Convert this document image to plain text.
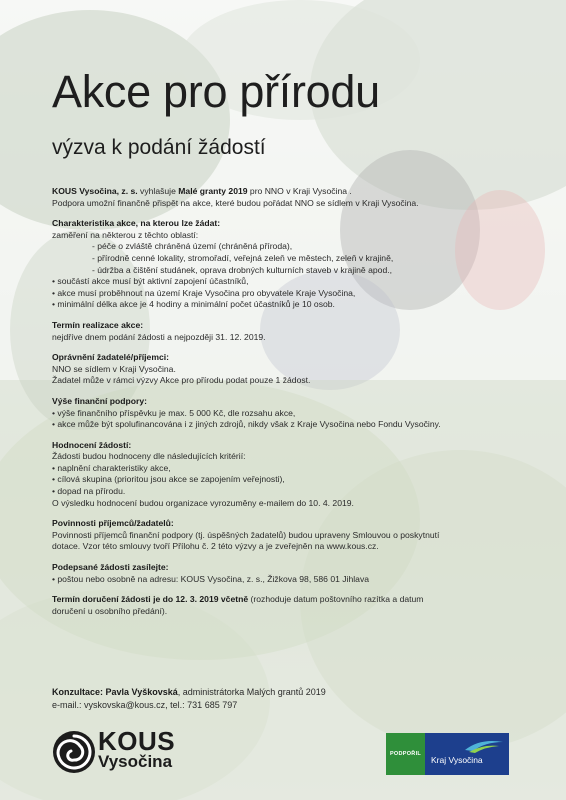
Akce pro přírodu
výzva k podání žádostí

KOUS Vysočina, z. s. vyhlašuje Malé granty 2019 pro NNO v Kraji Vysočina .

Podpora umožní finančně přispět na akce, které budou pořádat NNO se sídlem v Kraji Vysočina.

Charakteristika akce, na kterou lze žádat:

zaměření na některou z těchto oblastí:

- péče o zvláště chráněná území (chráněná příroda),

- přírodně cenné lokality, stromořadí, veřejná zeleň ve městech, zeleň v krajině,

- údržba a čištění studánek, oprava drobných kulturních staveb v krajině apod.,

• součástí akce musí být aktivní zapojení účastníků,

• akce musí proběhnout na území Kraje Vysočina pro obyvatele Kraje Vysočina,

• minimální délka akce je 4 hodiny a minimální počet účastníků je 10 osob.

Termín realizace akce:

nejdříve dnem podání žádosti a nejpozději 31. 12. 2019.

Oprávnění žadatelé/příjemci:

NNO se sídlem v Kraji Vysočina.

Žadatel může v rámci výzvy Akce pro přírodu podat pouze 1 žádost.

Výše finanční podpory:

• výše finančního příspěvku je max. 5 000 Kč, dle rozsahu akce,

• akce může být spolufinancována i z jiných zdrojů, nikdy však z Kraje Vysočina nebo Fondu Vysočiny.

Hodnocení žádostí:

Žádosti budou hodnoceny dle následujících kritérií:

• naplnění charakteristiky akce,

• cílová skupina (prioritou jsou akce se zapojením veřejnosti),

• dopad na přírodu.

O výsledku hodnocení budou organizace vyrozuměny e-mailem do 10. 4. 2019.

Povinnosti příjemců/žadatelů:

Povinnosti příjemců finanční podpory (tj. úspěšných žadatelů) budou upraveny Smlouvou o poskytnutí

dotace. Vzor této smlouvy tvoří Přílohu č. 2 této výzvy a je zveřejněn na www.kous.cz.

Podepsané žádosti zasílejte:

• poštou nebo osobně na adresu: KOUS Vysočina, z. s., Žižkova 98, 586 01 Jihlava

Termín doručení žádosti je do 12. 3. 2019 včetně (rozhoduje datum poštovního razítka a datum

doručení u osobního předání).

Konzultace: Pavla Vyškovská, administrátorka Malých grantů 2019

e-mail.: vyskovska@kous.cz, tel.: 731 685 797

KOUS
Vysočina	PODPOŘIL
Kraj Vysočina
